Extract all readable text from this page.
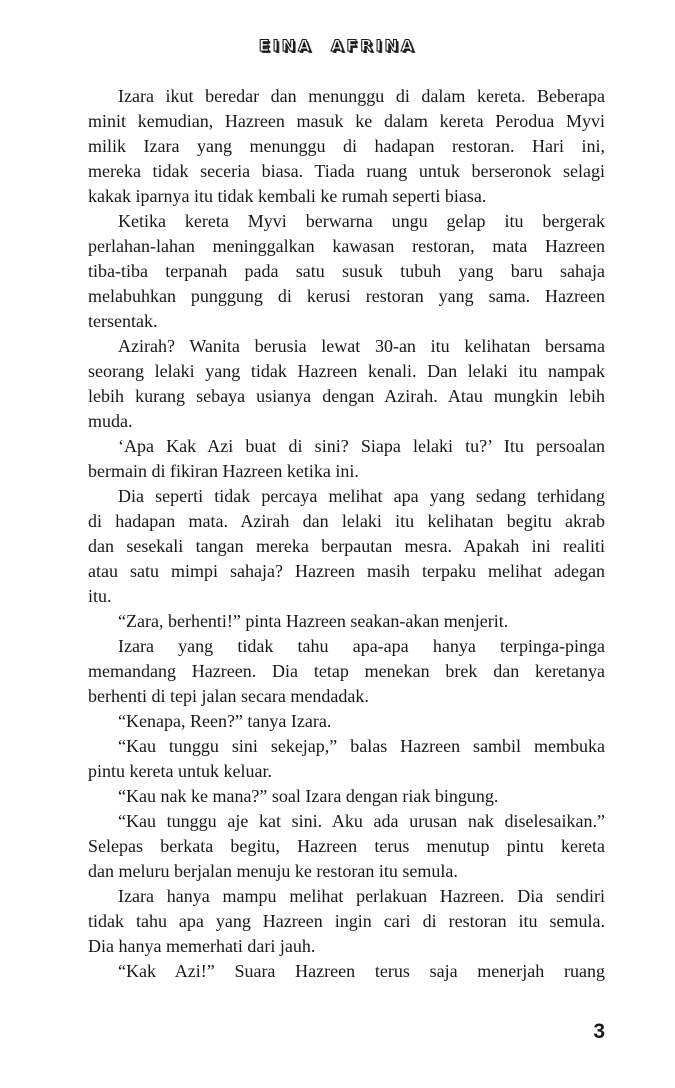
EINA AFRINA
Izara ikut beredar dan menunggu di dalam kereta. Beberapa
minit kemudian, Hazreen masuk ke dalam kereta Perodua Myvi
milik Izara yang menunggu di hadapan restoran. Hari ini,
mereka tidak seceria biasa. Tiada ruang untuk berseronok selagi
kakak iparnya itu tidak kembali ke rumah seperti biasa.
Ketika kereta Myvi berwarna ungu gelap itu bergerak
perlahan-lahan meninggalkan kawasan restoran, mata Hazreen
tiba-tiba terpanah pada satu susuk tubuh yang baru sahaja
melabuhkan punggung di kerusi restoran yang sama. Hazreen
tersentak.
Azirah? Wanita berusia lewat 30-an itu kelihatan bersama
seorang lelaki yang tidak Hazreen kenali. Dan lelaki itu nampak
lebih kurang sebaya usianya dengan Azirah. Atau mungkin lebih
muda.
‘Apa Kak Azi buat di sini? Siapa lelaki tu?’ Itu persoalan
bermain di fikiran Hazreen ketika ini.
Dia seperti tidak percaya melihat apa yang sedang terhidang
di hadapan mata. Azirah dan lelaki itu kelihatan begitu akrab
dan sesekali tangan mereka berpautan mesra. Apakah ini realiti
atau satu mimpi sahaja? Hazreen masih terpaku melihat adegan
itu.
“Zara, berhenti!” pinta Hazreen seakan-akan menjerit.
Izara yang tidak tahu apa-apa hanya terpinga-pinga
memandang Hazreen. Dia tetap menekan brek dan keretanya
berhenti di tepi jalan secara mendadak.
“Kenapa, Reen?” tanya Izara.
“Kau tunggu sini sekejap,” balas Hazreen sambil membuka
pintu kereta untuk keluar.
“Kau nak ke mana?” soal Izara dengan riak bingung.
“Kau tunggu aje kat sini. Aku ada urusan nak diselesaikan.”
Selepas berkata begitu, Hazreen terus menutup pintu kereta
dan meluru berjalan menuju ke restoran itu semula.
Izara hanya mampu melihat perlakuan Hazreen. Dia sendiri
tidak tahu apa yang Hazreen ingin cari di restoran itu semula.
Dia hanya memerhati dari jauh.
“Kak Azi!” Suara Hazreen terus saja menerjah ruang
3
